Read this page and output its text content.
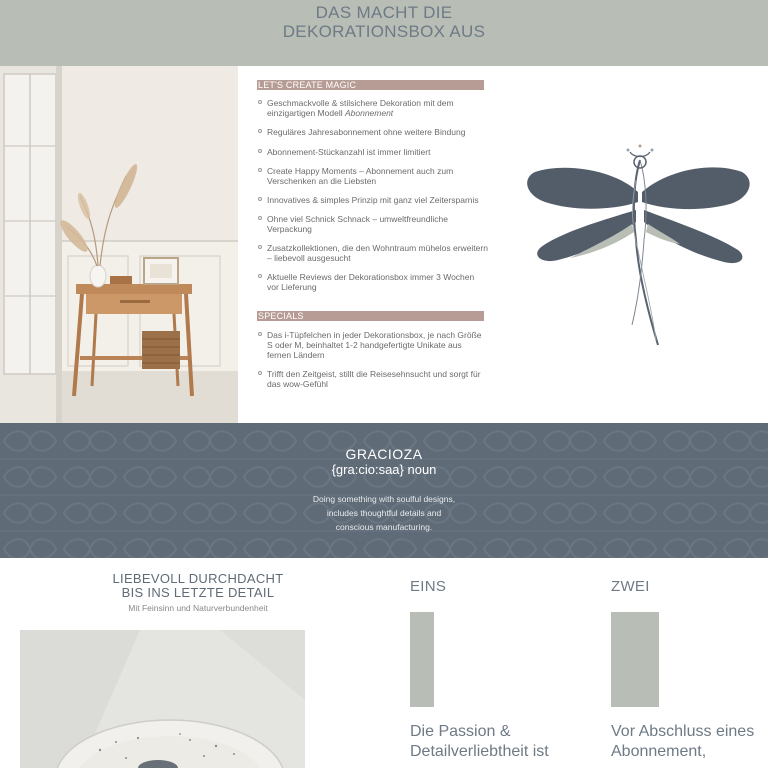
DAS MACHT DIE
DEKORATIONSBOX AUS
LET'S CREATE MAGIC
Geschmackvolle & stilsichere Dekoration mit dem einzigartigen Modell Abonnement
Reguläres Jahresabonnement ohne weitere Bindung
Abonnement-Stückanzahl ist immer limitiert
Create Happy Moments – Abonnement auch zum Verschenken an die Liebsten
Innovatives & simples Prinzip mit ganz viel Zeitersparnis
Ohne viel Schnick Schnack – umweltfreundliche Verpackung
Zusatzkollektionen, die den Wohntraum mühelos erweitern – liebevoll ausgesucht
Aktuelle Reviews der Dekorationsbox immer 3 Wochen vor Lieferung
SPECIALS
Das i-Tüpfelchen in jeder Dekorationsbox, je nach Größe S oder M, beinhaltet 1-2 handgefertigte Unikate aus fernen Ländern
Trifft den Zeitgeist, stillt die Reisesehnsucht und sorgt für das wow-Gefühl
GRACIOZA
{gra:cio:saa} noun
Doing something with soulful designs,
includes thoughtful details and
conscious manufacturing.
LIEBEVOLL DURCHDACHT
BIS INS LETZTE DETAIL
Mit Feinsinn und Naturverbundenheit
EINS
Die Passion &
Detailverliebtheit ist
ZWEI
Vor Abschluss eines
Abonnement,
